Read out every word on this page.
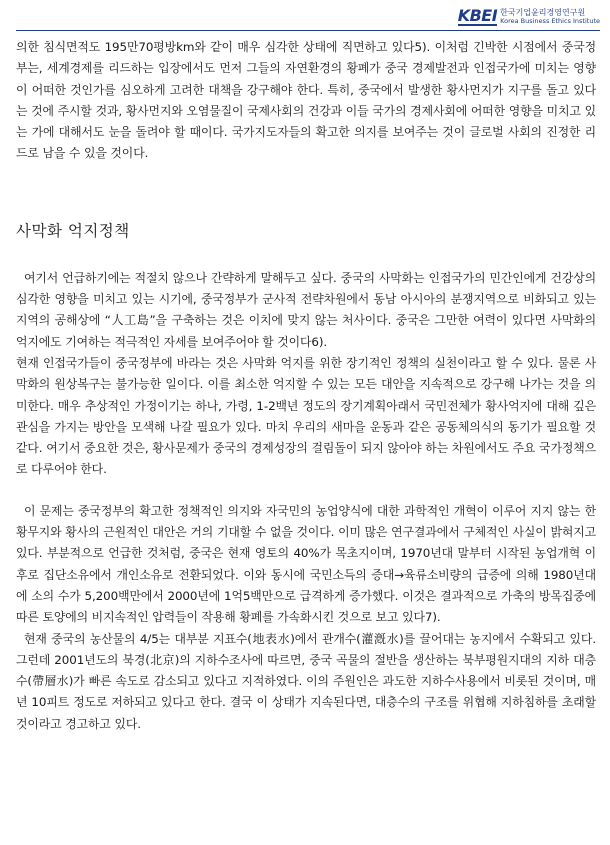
KBEI 한국기업윤리경영연구원
Korea Business Ethics Institute

의한 침식면적도 195만70평방km와 같이 매우 심각한 상태에 직면하고 있다5). 이처럼 긴박한 시점에서 중국정부는, 세계경제를 리드하는 입장에서도 먼저 그들의 자연환경의 황폐가 중국 경제발전과 인접국가에 미치는 영향이 어떠한 것인가를 심오하게 고려한 대책을 강구해야 한다. 특히, 중국에서 발생한 황사먼지가 지구를 돌고 있다는 것에 주시할 것과, 황사먼지와 오염물질이 국제사회의 건강과 이들 국가의 경제사회에 어떠한 영향을 미치고 있는 가에 대해서도 눈을 돌려야 할 때이다. 국가지도자들의 확고한 의지를 보여주는 것이 글로벌 사회의 진정한 리드로 남을 수 있을 것이다.

사막화 억지정책

여기서 언급하기에는 적절치 않으나 간략하게 말해두고 싶다. 중국의 사막화는 인접국가의 민간인에게 건강상의 심각한 영향을 미치고 있는 시기에, 중국정부가 군사적 전략차원에서 동남 아시아의 분쟁지역으로 비화되고 있는 지역의 공해상에 “人工島”을 구축하는 것은 이치에 맞지 않는 처사이다. 중국은 그만한 여력이 있다면 사막화의 억지에도 기여하는 적극적인 자세를 보여주어야 할 것이다6).

현재 인접국가들이 중국정부에 바라는 것은 사막화 억지를 위한 장기적인 정책의 실천이라고 할 수 있다. 물론 사막화의 원상복구는 불가능한 일이다. 이를 최소한 억지할 수 있는 모든 대안을 지속적으로 강구해 나가는 것을 의미한다. 매우 추상적인 가정이기는 하나, 가령, 1-2백년 정도의 장기계획아래서 국민전체가 황사억지에 대해 깊은 관심을 가지는 방안을 모색해 나갈 필요가 있다. 마치 우리의 새마을 운동과 같은 공동체의식의 동기가 필요할 것 같다. 여기서 중요한 것은, 황사문제가 중국의 경제성장의 걸림돌이 되지 않아야 하는 차원에서도 주요 국가정책으로 다루어야 한다.

이 문제는 중국정부의 확고한 정책적인 의지와 자국민의 농업양식에 대한 과학적인 개혁이 이루어 지지 않는 한 황무지와 황사의 근원적인 대안은 거의 기대할 수 없을 것이다. 이미 많은 연구결과에서 구체적인 사실이 밝혀지고 있다. 부분적으로 언급한 것처럼, 중국은 현재 영토의 40%가 목초지이며, 1970년대 말부터 시작된 농업개혁 이후로 집단소유에서 개인소유로 전환되었다. 이와 동시에 국민소득의 증대→육류소비량의 급증에 의해 1980년대에 소의 수가 5,200백만에서 2000년에 1억5백만으로 급격하게 증가했다. 이것은 결과적으로 가축의 방목집중에 따른 토양에의 비지속적인 압력들이 작용해 황폐를 가속화시킨 것으로 보고 있다7).

현재 중국의 농산물의 4/5는 대부분 지표수(地表水)에서 관개수(灌漑水)를 끌어대는 농지에서 수확되고 있다. 그런데 2001년도의 북경(北京)의 지하수조사에 따르면, 중국 곡물의 절반을 생산하는 북부평원지대의 지하 대층수(帶層水)가 빠른 속도로 감소되고 있다고 지적하였다. 이의 주원인은 과도한 지하수사용에서 비롯된 것이며, 매년 10피트 정도로 저하되고 있다고 한다. 결국 이 상태가 지속된다면, 대층수의 구조를 위협해 지하침하를 초래할 것이라고 경고하고 있다.
